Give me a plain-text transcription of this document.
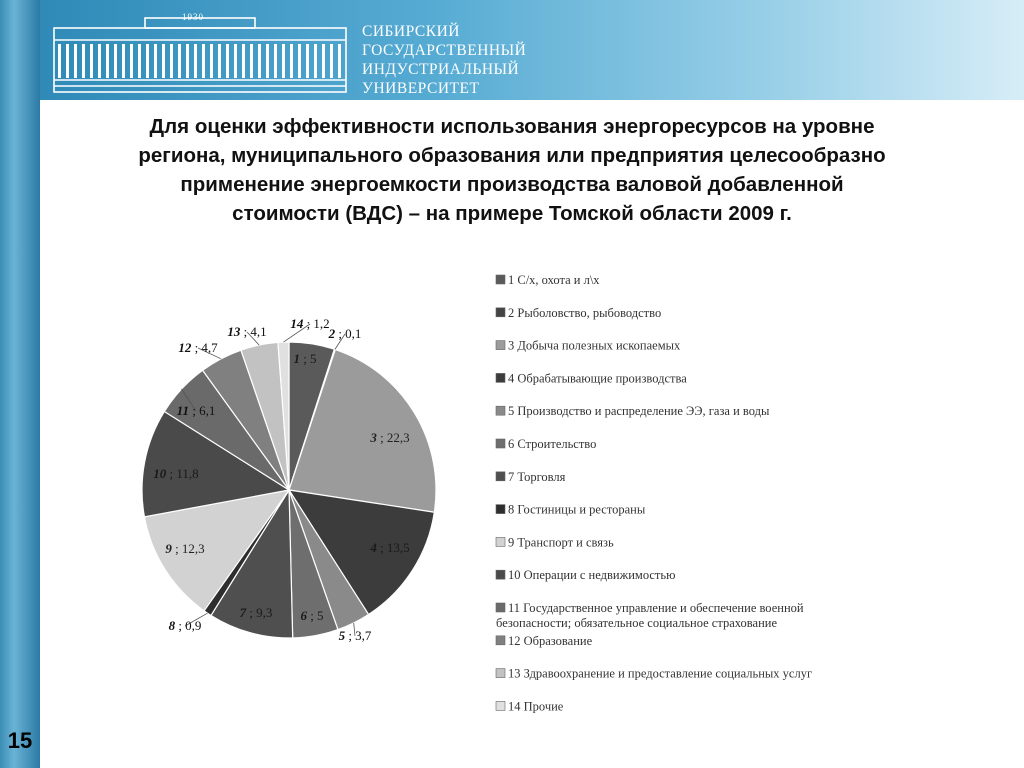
1930
СИБИРСКИЙ
ГОСУДАРСТВЕННЫЙ
ИНДУСТРИАЛЬНЫЙ
УНИВЕРСИТЕТ
Для оценки эффективности использования энергоресурсов на уровне
региона, муниципального образования или предприятия целесообразно
применение энергоемкости производства валовой добавленной
стоимости (ВДС) – на примере Томской области 2009 г.
1 ; 5
2 ; 0,1
3 ; 22,3
4 ; 13,5
5 ; 3,7
6 ; 5
7 ; 9,3
8 ; 0,9
9 ; 12,3
10 ; 11,8
11 ; 6,1
12 ; 4,7
13 ; 4,1
14 ; 1,2
1 С/х, охота и л\х
2 Рыболовство, рыбоводство
3 Добыча полезных ископаемых
4 Обрабатывающие производства
5 Производство и распределение ЭЭ, газа и воды
6 Строительство
7 Торговля
8 Гостиницы и рестораны
9 Транспорт и связь
10 Операции с недвижимостью
11 Государственное управление и обеспечение военной безопасности; обязательное социальное страхование
12 Образование
13 Здравоохранение и предоставление социальных услуг
14 Прочие
15
